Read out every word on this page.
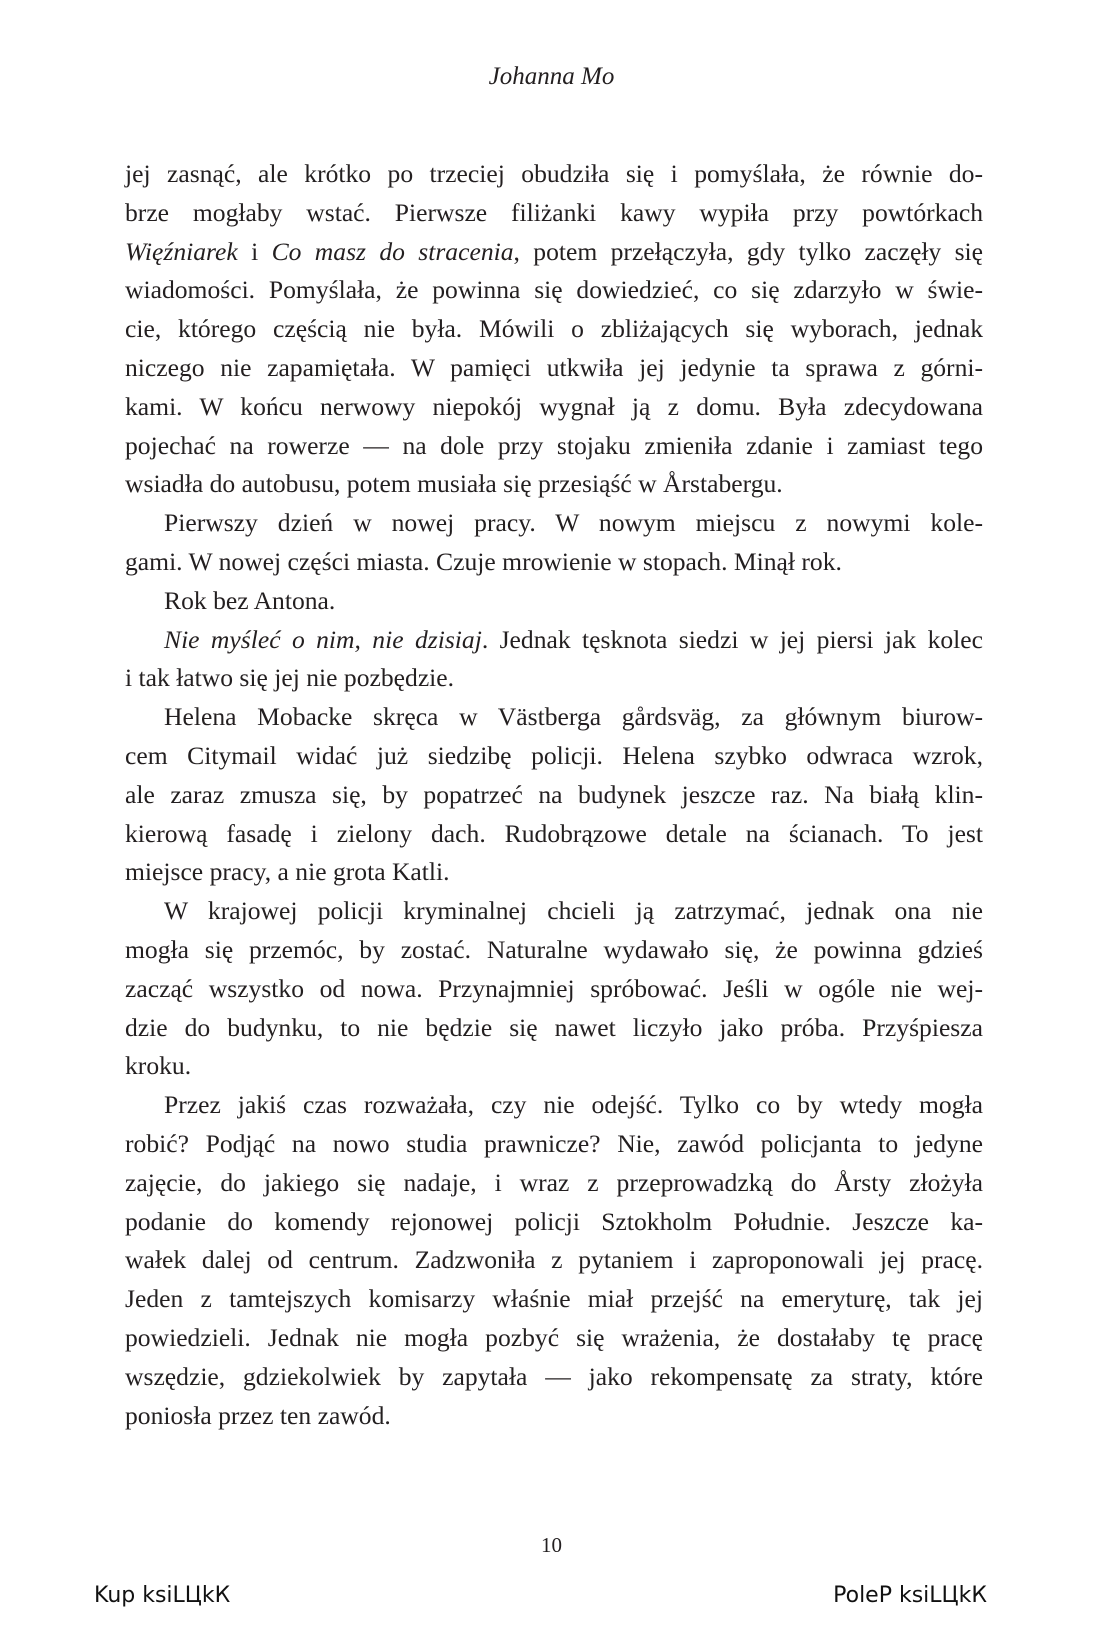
Johanna Mo
jej zasnąć, ale krótko po trzeciej obudziła się i pomyślała, że równie do-
brze mogłaby wstać. Pierwsze filiżanki kawy wypiła przy powtórkach
Więźniarek i Co masz do stracenia, potem przełączyła, gdy tylko zaczęły się
wiadomości. Pomyślała, że powinna się dowiedzieć, co się zdarzyło w świe-
cie, którego częścią nie była. Mówili o zbliżających się wyborach, jednak
niczego nie zapamiętała. W pamięci utkwiła jej jedynie ta sprawa z górni-
kami. W końcu nerwowy niepokój wygnał ją z domu. Była zdecydowana
pojechać na rowerze — na dole przy stojaku zmieniła zdanie i zamiast tego
wsiadła do autobusu, potem musiała się przesiąść w Årstabergu.
Pierwszy dzień w nowej pracy. W nowym miejscu z nowymi kole-
gami. W nowej części miasta. Czuje mrowienie w stopach. Minął rok.
Rok bez Antona.
Nie myśleć o nim, nie dzisiaj. Jednak tęsknota siedzi w jej piersi jak kolec
i tak łatwo się jej nie pozbędzie.
Helena Mobacke skręca w Västberga gårdsväg, za głównym biurow-
cem Citymail widać już siedzibę policji. Helena szybko odwraca wzrok,
ale zaraz zmusza się, by popatrzeć na budynek jeszcze raz. Na białą klin-
kierową fasadę i zielony dach. Rudobrązowe detale na ścianach. To jest
miejsce pracy, a nie grota Katli.
W krajowej policji kryminalnej chcieli ją zatrzymać, jednak ona nie
mogła się przemóc, by zostać. Naturalne wydawało się, że powinna gdzieś
zacząć wszystko od nowa. Przynajmniej spróbować. Jeśli w ogóle nie wej-
dzie do budynku, to nie będzie się nawet liczyło jako próba. Przyśpiesza
kroku.
Przez jakiś czas rozważała, czy nie odejść. Tylko co by wtedy mogła
robić? Podjąć na nowo studia prawnicze? Nie, zawód policjanta to jedyne
zajęcie, do jakiego się nadaje, i wraz z przeprowadzką do Årsty złożyła
podanie do komendy rejonowej policji Sztokholm Południe. Jeszcze ka-
wałek dalej od centrum. Zadzwoniła z pytaniem i zaproponowali jej pracę.
Jeden z tamtejszych komisarzy właśnie miał przejść na emeryturę, tak jej
powiedzieli. Jednak nie mogła pozbyć się wrażenia, że dostałaby tę pracę
wszędzie, gdziekolwiek by zapytała — jako rekompensatę za straty, które
poniosła przez ten zawód.
10
Kup ksiLЦkК	PoleР ksiLЦkК
